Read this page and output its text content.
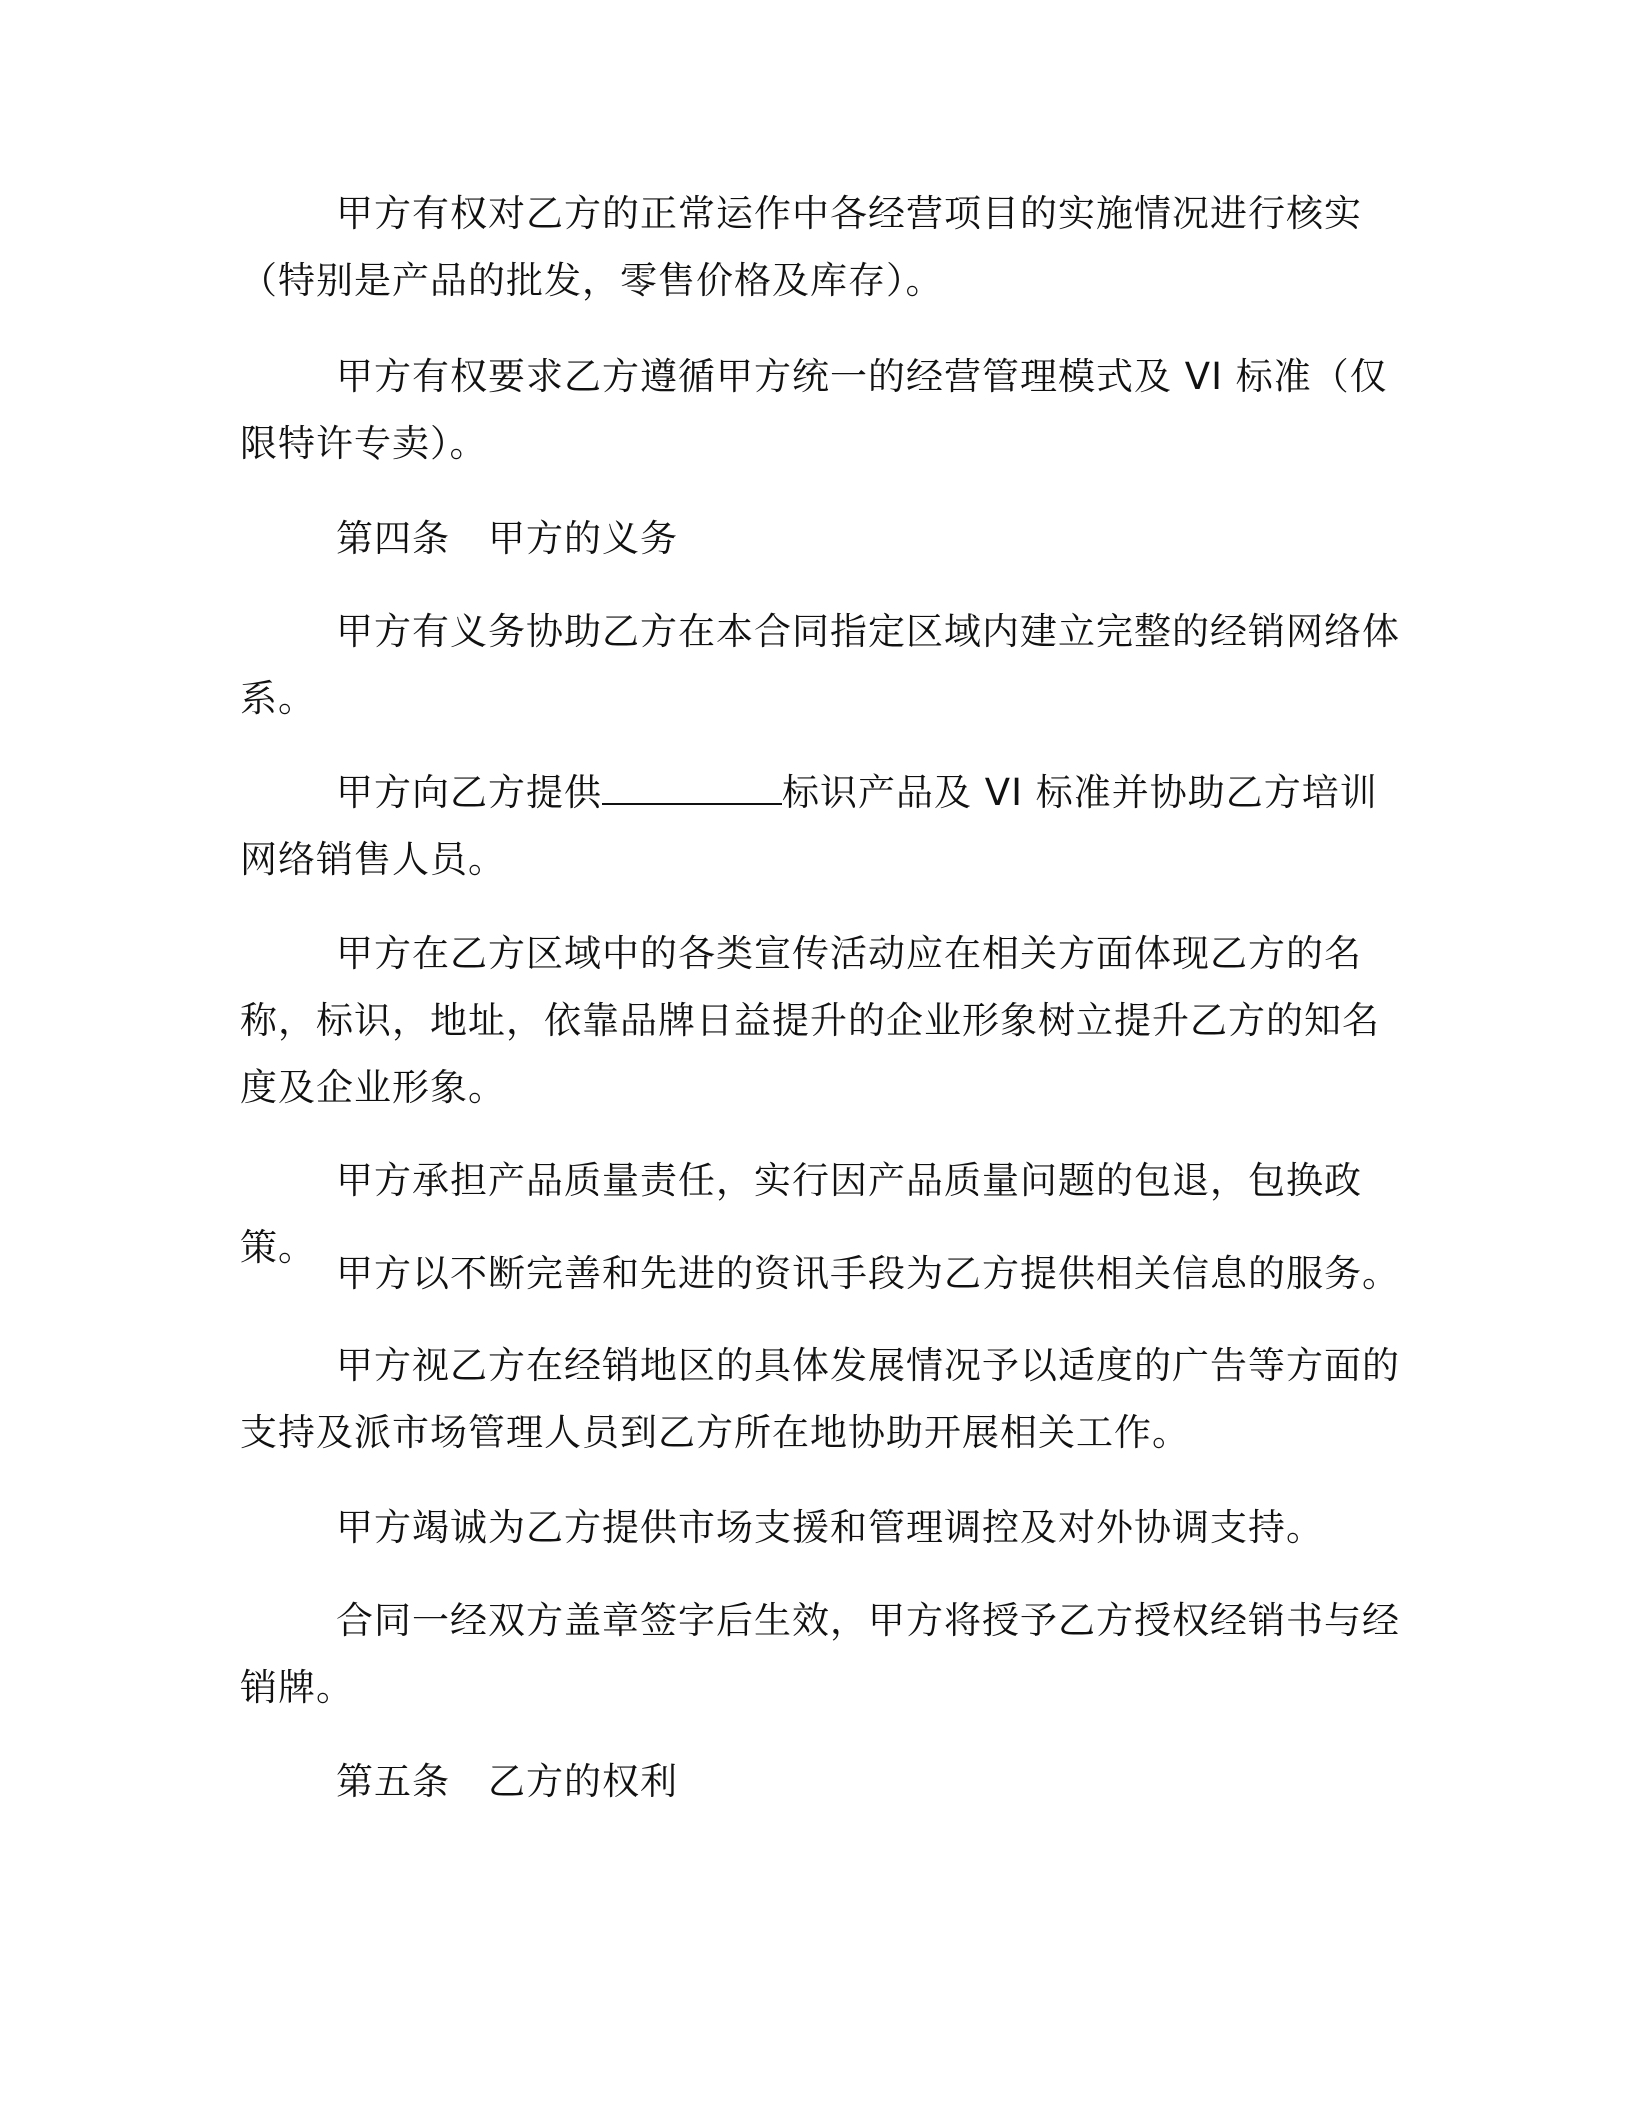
甲方有权对乙方的正常运作中各经营项目的实施情况进行核实（特别是产品的批发，零售价格及库存）。

甲方有权要求乙方遵循甲方统一的经营管理模式及 VI 标准（仅限特许专卖）。

第四条　甲方的义务

甲方有义务协助乙方在本合同指定区域内建立完整的经销网络体系。

甲方向乙方提供	标识产品及 VI 标准并协助乙方培训网络销售人员。

甲方在乙方区域中的各类宣传活动应在相关方面体现乙方的名称，标识，地址，依靠品牌日益提升的企业形象树立提升乙方的知名度及企业形象。

甲方承担产品质量责任，实行因产品质量问题的包退，包换政策。

甲方以不断完善和先进的资讯手段为乙方提供相关信息的服务。

甲方视乙方在经销地区的具体发展情况予以适度的广告等方面的支持及派市场管理人员到乙方所在地协助开展相关工作。

甲方竭诚为乙方提供市场支援和管理调控及对外协调支持。

合同一经双方盖章签字后生效，甲方将授予乙方授权经销书与经销牌。

第五条　乙方的权利
